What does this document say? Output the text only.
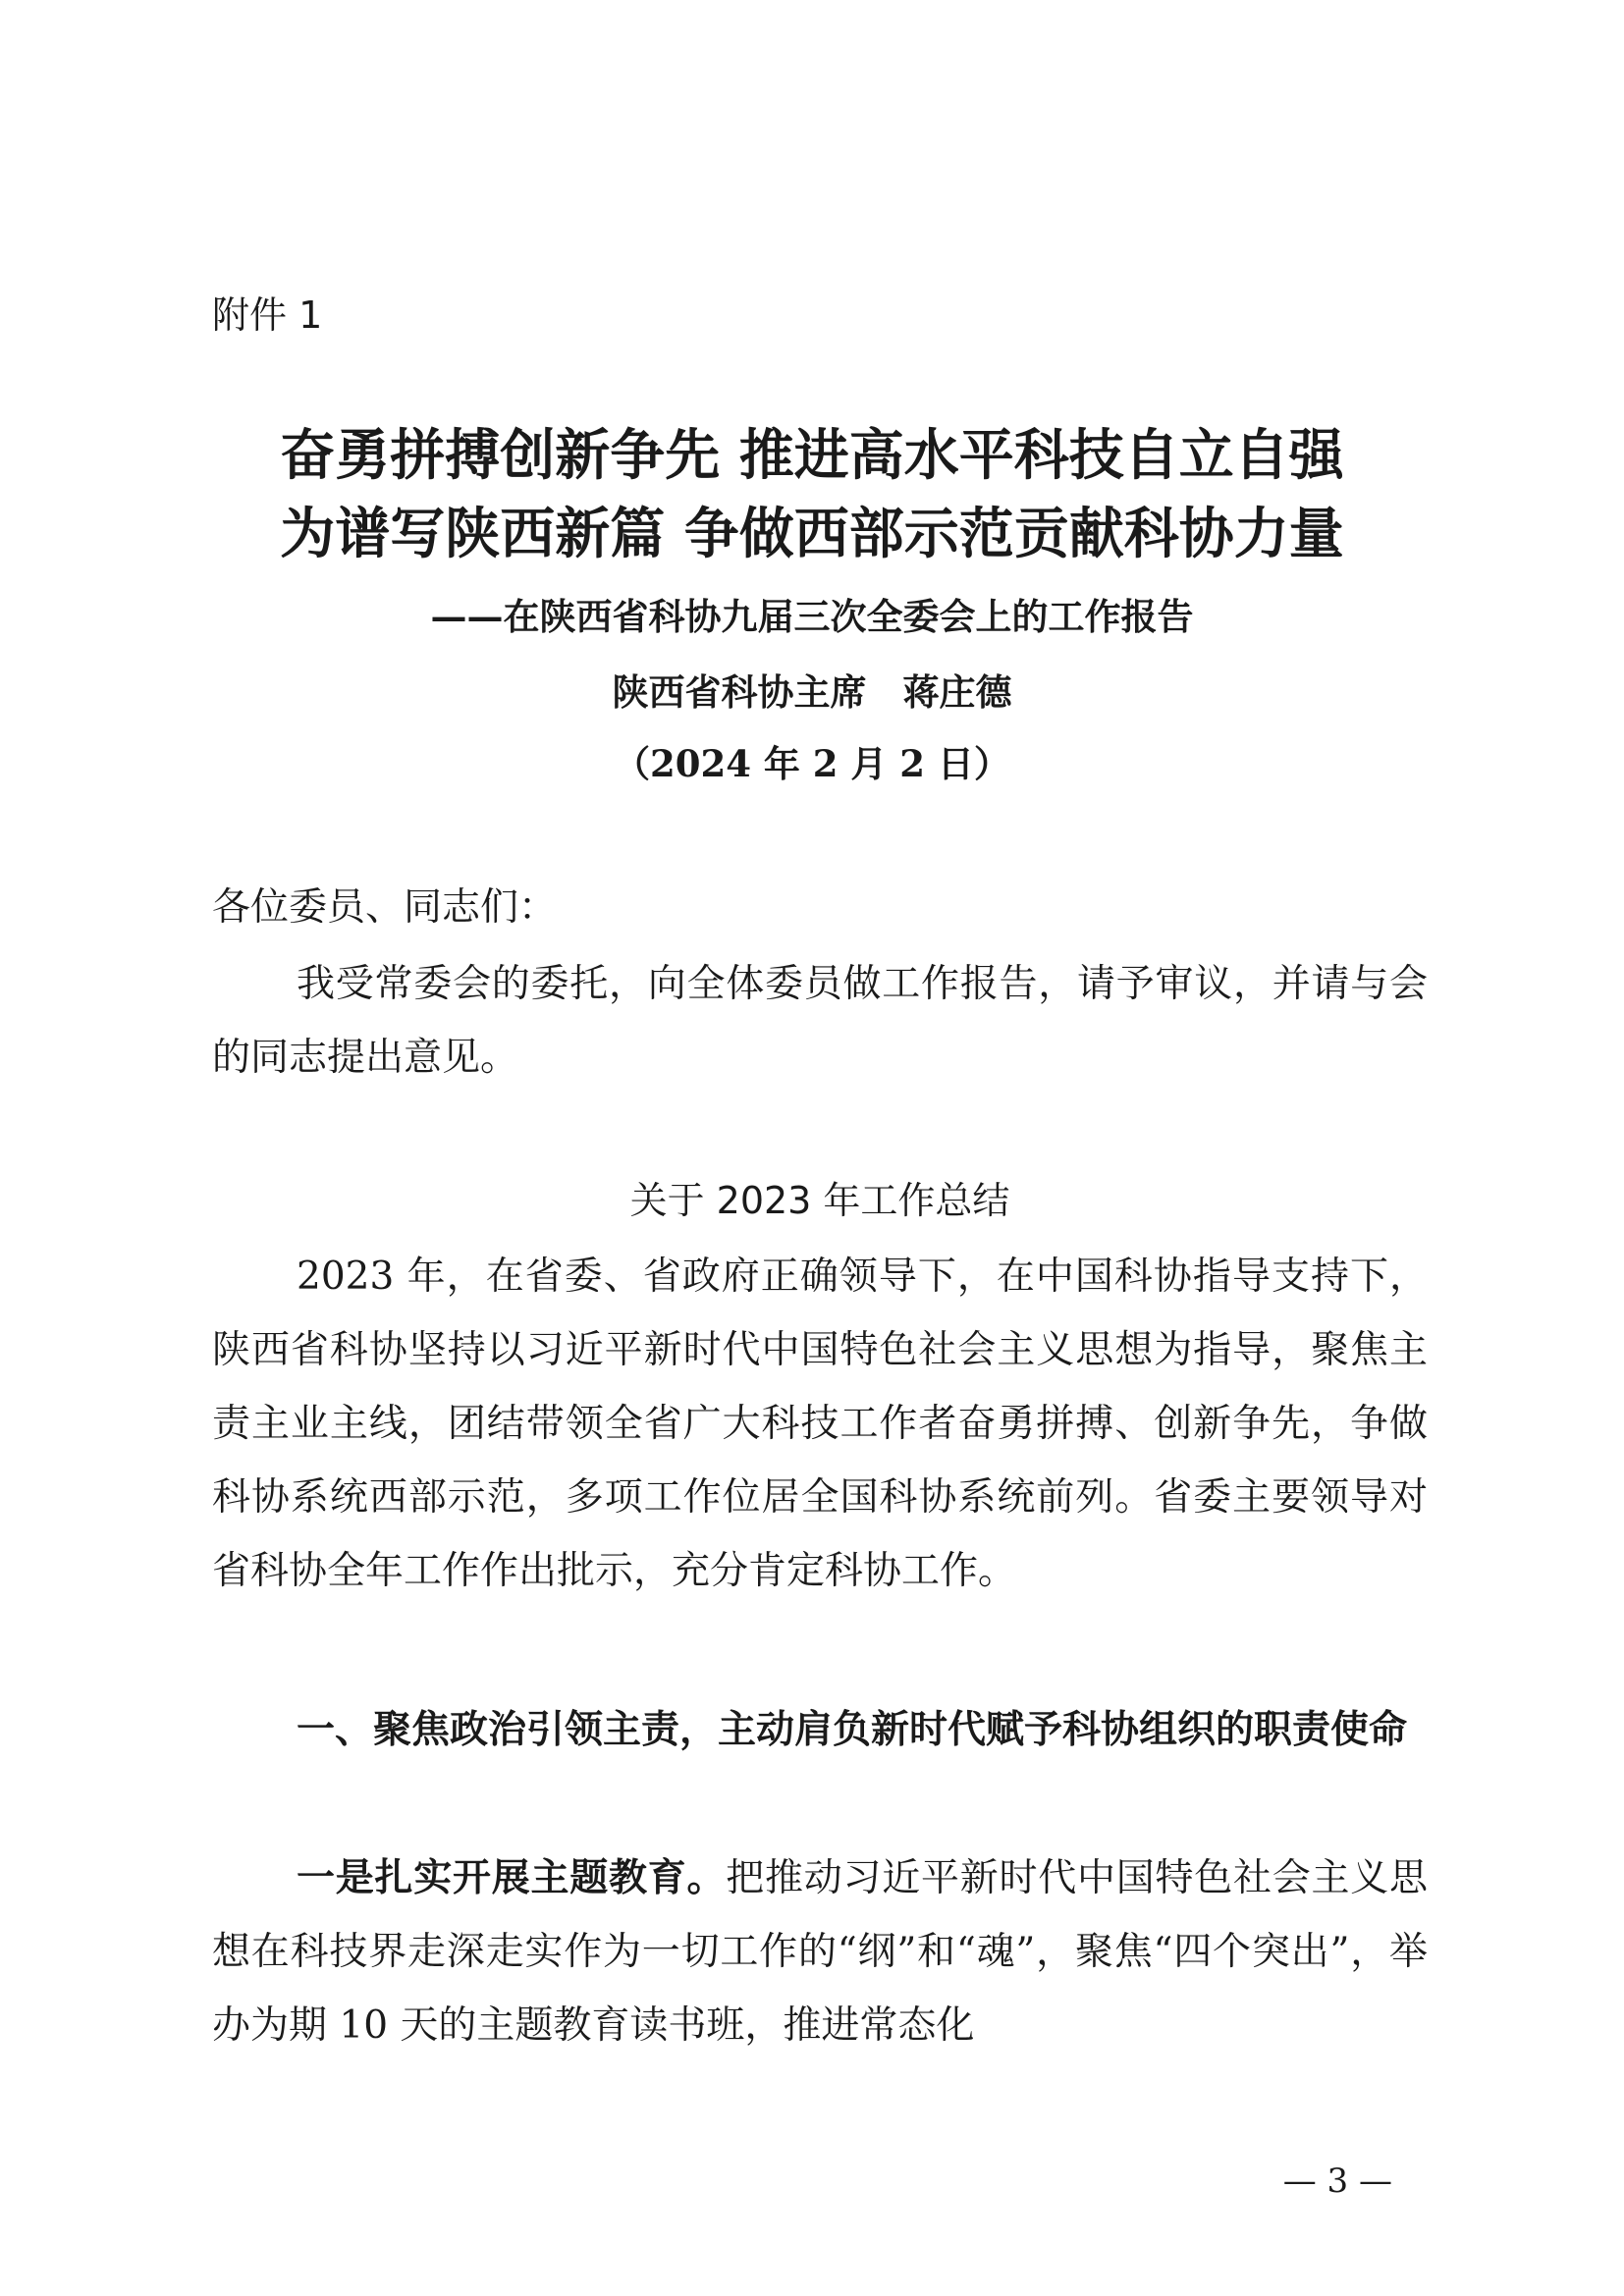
附件 1
奋勇拼搏创新争先 推进高水平科技自立自强
为谱写陕西新篇 争做西部示范贡献科协力量
——在陕西省科协九届三次全委会上的工作报告
陕西省科协主席　蒋庄德
（2024 年 2 月 2 日）
各位委员、同志们：

我受常委会的委托，向全体委员做工作报告，请予审议，并请与会的同志提出意见。

关于 2023 年工作总结

2023 年，在省委、省政府正确领导下，在中国科协指导支持下，陕西省科协坚持以习近平新时代中国特色社会主义思想为指导，聚焦主责主业主线，团结带领全省广大科技工作者奋勇拼搏、创新争先，争做科协系统西部示范，多项工作位居全国科协系统前列。省委主要领导对省科协全年工作作出批示，充分肯定科协工作。

一、聚焦政治引领主责，主动肩负新时代赋予科协组织的职责使命

一是扎实开展主题教育。把推动习近平新时代中国特色社会主义思想在科技界走深走实作为一切工作的“纲”和“魂”，聚焦“四个突出”，举办为期 10 天的主题教育读书班，推进常态化

— 3 —
